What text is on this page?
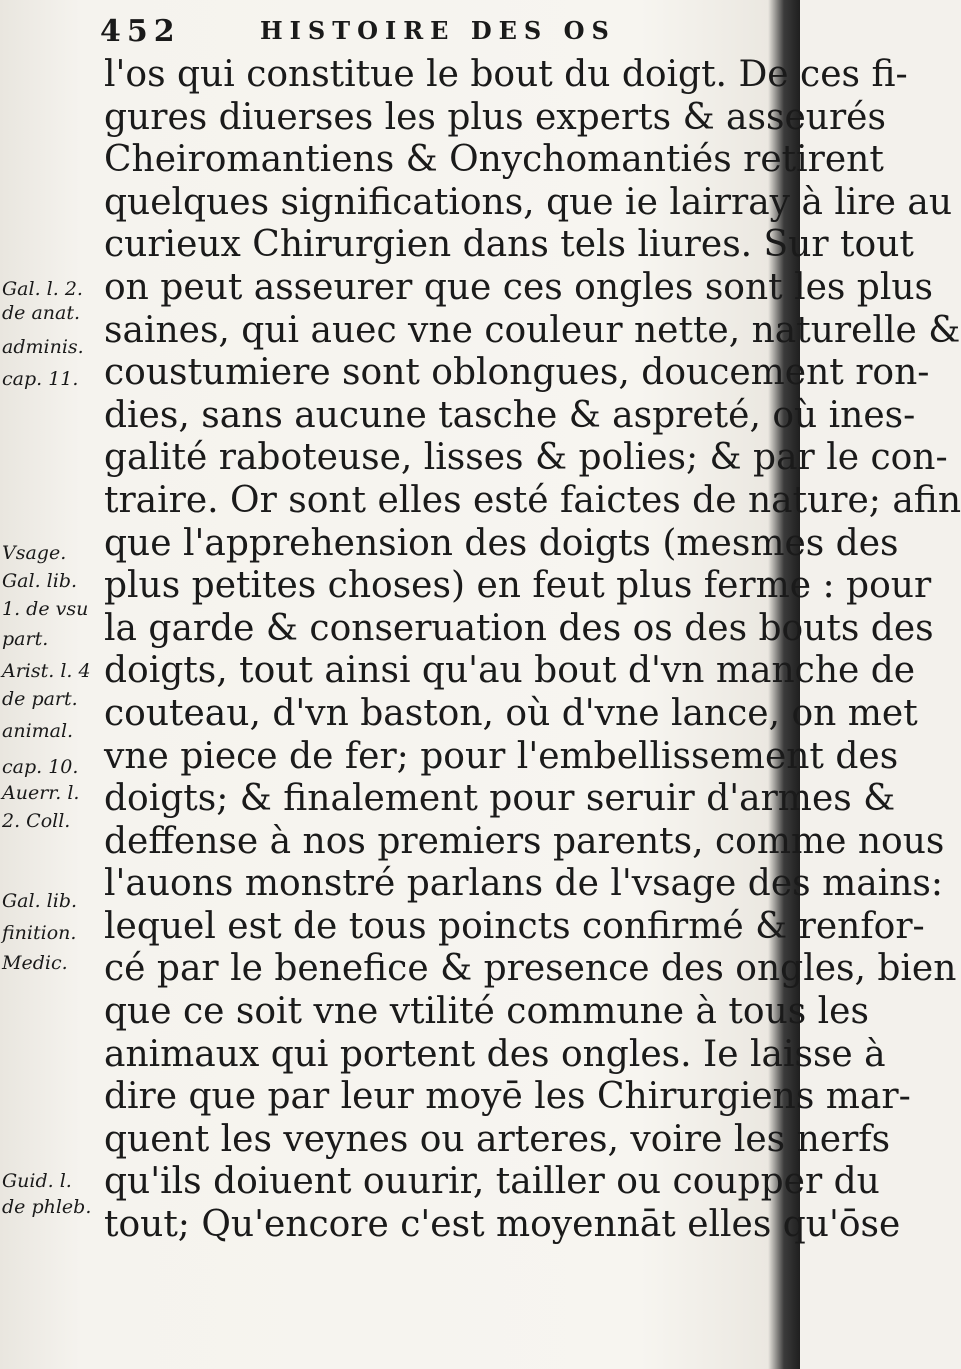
452	HISTOIRE DES OS
Gal. l. 2.
de anat.
adminis.
cap. 11.
Vsage.
Gal. lib.
1. de vsu
part.
Arist. l. 4
de part.
animal.
cap. 10.
Auerr. l.
2. Coll.
Gal. lib.
finition.
Medic.
Guid. l.
de phleb.
l'os qui constitue le bout du doigt. De ces fi-
gures diuerses les plus experts & asseurés
Cheiromantiens & Onychomantiés retirent
quelques significations, que ie lairray à lire au
curieux Chirurgien dans tels liures. Sur tout
on peut asseurer que ces ongles sont les plus
saines, qui auec vne couleur nette, naturelle &
coustumiere sont oblongues, doucement ron-
dies, sans aucune tasche & aspreté, où ines-
galité raboteuse, lisses & polies; & par le con-
traire. Or sont elles esté faictes de nature; afin
que l'apprehension des doigts (mesmes des
plus petites choses) en feut plus ferme : pour
la garde & conseruation des os des bouts des
doigts, tout ainsi qu'au bout d'vn manche de
couteau, d'vn baston, où d'vne lance, on met
vne piece de fer; pour l'embellissement des
doigts; & finalement pour seruir d'armes &
deffense à nos premiers parents, comme nous
l'auons monstré parlans de l'vsage des mains:
lequel est de tous poincts confirmé & renfor-
cé par le benefice & presence des ongles, bien
que ce soit vne vtilité commune à tous les
animaux qui portent des ongles. Ie laisse à
dire que par leur moyē les Chirurgiens mar-
quent les veynes ou arteres, voire les nerfs
qu'ils doiuent ouurir, tailler ou coupper du
tout; Qu'encore c'est moyennāt elles qu'ōse
